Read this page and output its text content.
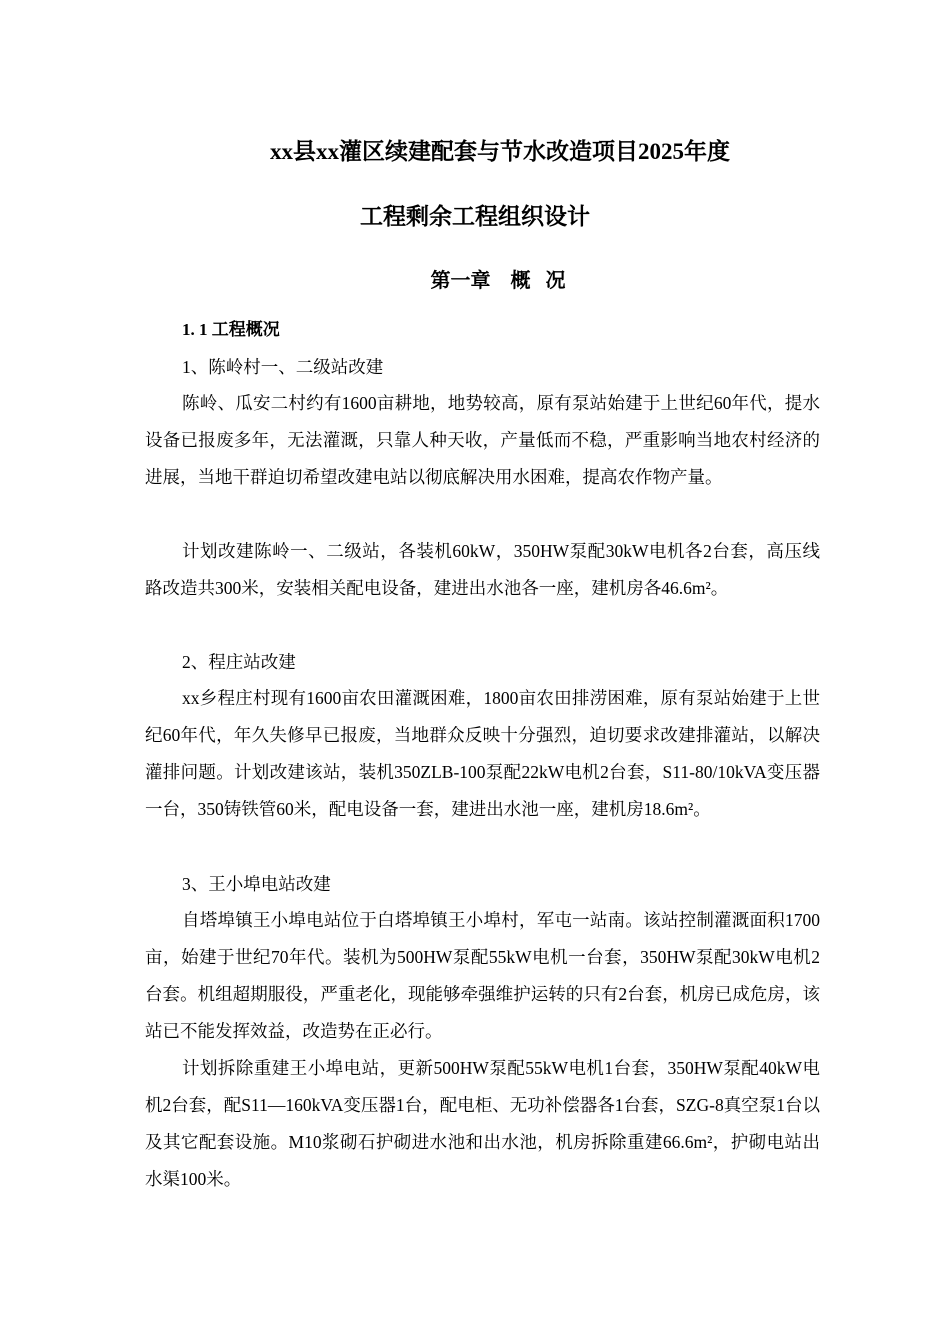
xx县xx灌区续建配套与节水改造项目2025年度
工程剩余工程组织设计
第一章    概   况
1. 1 工程概况
1、陈岭村一、二级站改建

陈岭、瓜安二村约有1600亩耕地，地势较高，原有泵站始建于上世纪60年代，提水设备已报废多年，无法灌溉，只靠人种天收，产量低而不稳，严重影响当地农村经济的进展，当地干群迫切希望改建电站以彻底解决用水困难，提高农作物产量。

计划改建陈岭一、二级站，各装机60kW，350HW泵配30kW电机各2台套，高压线路改造共300米，安装相关配电设备，建进出水池各一座，建机房各46.6m²。

2、程庄站改建

xx乡程庄村现有1600亩农田灌溉困难，1800亩农田排涝困难，原有泵站始建于上世纪60年代，年久失修早已报废，当地群众反映十分强烈，迫切要求改建排灌站，以解决灌排问题。计划改建该站，装机350ZLB-100泵配22kW电机2台套，S11-80/10kVA变压器一台，350铸铁管60米，配电设备一套，建进出水池一座，建机房18.6m²。

3、王小埠电站改建

自塔埠镇王小埠电站位于白塔埠镇王小埠村，军屯一站南。该站控制灌溉面积1700亩，始建于世纪70年代。装机为500HW泵配55kW电机一台套，350HW泵配30kW电机2台套。机组超期服役，严重老化，现能够牵强维护运转的只有2台套，机房已成危房，该站已不能发挥效益，改造势在正必行。

计划拆除重建王小埠电站，更新500HW泵配55kW电机1台套，350HW泵配40kW电机2台套，配S11—160kVA变压器1台，配电柜、无功补偿器各1台套，SZG-8真空泵1台以及其它配套设施。M10浆砌石护砌进水池和出水池，机房拆除重建66.6m²，护砌电站出水渠100米。
